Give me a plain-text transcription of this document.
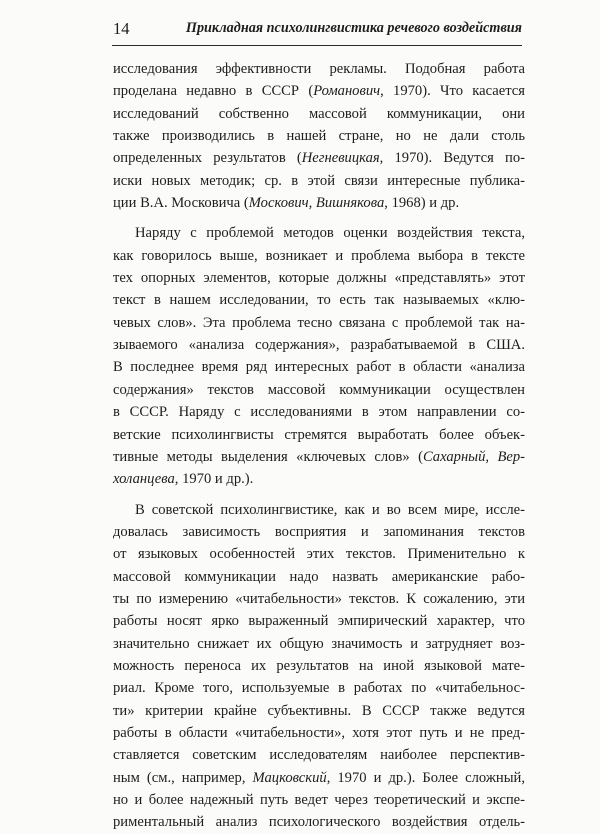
14	Прикладная психолингвистика речевого воздействия
исследования эффективности рекламы. Подобная работа
проделана недавно в СССР (Романович, 1970). Что касается
исследований собственно массовой коммуникации, они
также производились в нашей стране, но не дали столь
определенных результатов (Негневицкая, 1970). Ведутся по-
иски новых методик; ср. в этой связи интересные публика-
ции В.А. Московича (Москович, Вишнякова, 1968) и др.
Наряду с проблемой методов оценки воздействия текста,
как говорилось выше, возникает и проблема выбора в тексте
тех опорных элементов, которые должны «представлять» этот
текст в нашем исследовании, то есть так называемых «клю-
чевых слов». Эта проблема тесно связана с проблемой так на-
зываемого «анализа содержания», разрабатываемой в США.
В последнее время ряд интересных работ в области «анализа
содержания» текстов массовой коммуникации осуществлен
в СССР. Наряду с исследованиями в этом направлении со-
ветские психолингвисты стремятся выработать более объек-
тивные методы выделения «ключевых слов» (Сахарный, Вер-
холанцева, 1970 и др.).
В советской психолингвистике, как и во всем мире, иссле-
довалась зависимость восприятия и запоминания текстов
от языковых особенностей этих текстов. Применительно к
массовой коммуникации надо назвать американские рабо-
ты по измерению «читабельности» текстов. К сожалению, эти
работы носят ярко выраженный эмпирический характер, что
значительно снижает их общую значимость и затрудняет воз-
можность переноса их результатов на иной языковой мате-
риал. Кроме того, используемые в работах по «читабельнос-
ти» критерии крайне субъективны. В СССР также ведутся
работы в области «читабельности», хотя этот путь и не пред-
ставляется советским исследователям наиболее перспектив-
ным (см., например, Мацковский, 1970 и др.). Более сложный,
но и более надежный путь ведет через теоретический и экспе-
риментальный анализ психологического воздействия отдель-
